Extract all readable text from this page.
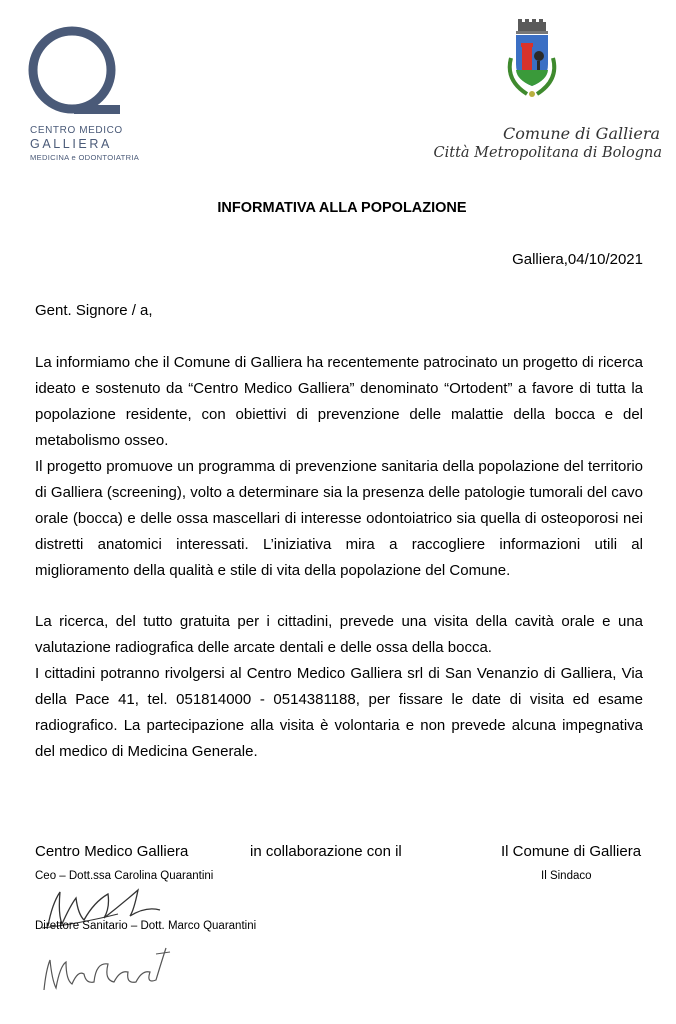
CENTRO MEDICO
GALLIERA
MEDICINA e ODONTOIATRIA
Comune di Galliera
Città Metropolitana di Bologna
INFORMATIVA ALLA POPOLAZIONE
Galliera,04/10/2021
Gent. Signore / a,

La informiamo che il Comune di Galliera ha recentemente patrocinato un progetto di ricerca ideato e sostenuto da “Centro Medico Galliera” denominato “Ortodent” a favore di tutta la popolazione residente, con obiettivi di prevenzione delle malattie della bocca e del metabolismo osseo.

Il progetto promuove un programma di prevenzione sanitaria della popolazione del territorio di Galliera (screening), volto a determinare sia la presenza delle patologie tumorali del cavo orale (bocca) e delle ossa mascellari di interesse odontoiatrico sia quella di osteoporosi nei distretti anatomici interessati. L’iniziativa mira a raccogliere informazioni utili al miglioramento della qualità e stile di vita della popolazione del Comune.

La ricerca, del tutto gratuita per i cittadini, prevede una visita della cavità orale e una valutazione radiografica delle arcate dentali e delle ossa della bocca.

I cittadini potranno rivolgersi al Centro Medico Galliera srl di San Venanzio di Galliera, Via della Pace 41, tel. 051814000 - 0514381188, per fissare le date di visita ed esame radiografico. La partecipazione alla visita è volontaria e non prevede alcuna impegnativa del medico di Medicina Generale.

Centro Medico Galliera	in collaborazione con il	Il Comune di Galliera
Ceo – Dott.ssa Carolina Quarantini	Il Sindaco
Direttore Sanitario – Dott. Marco Quarantini
